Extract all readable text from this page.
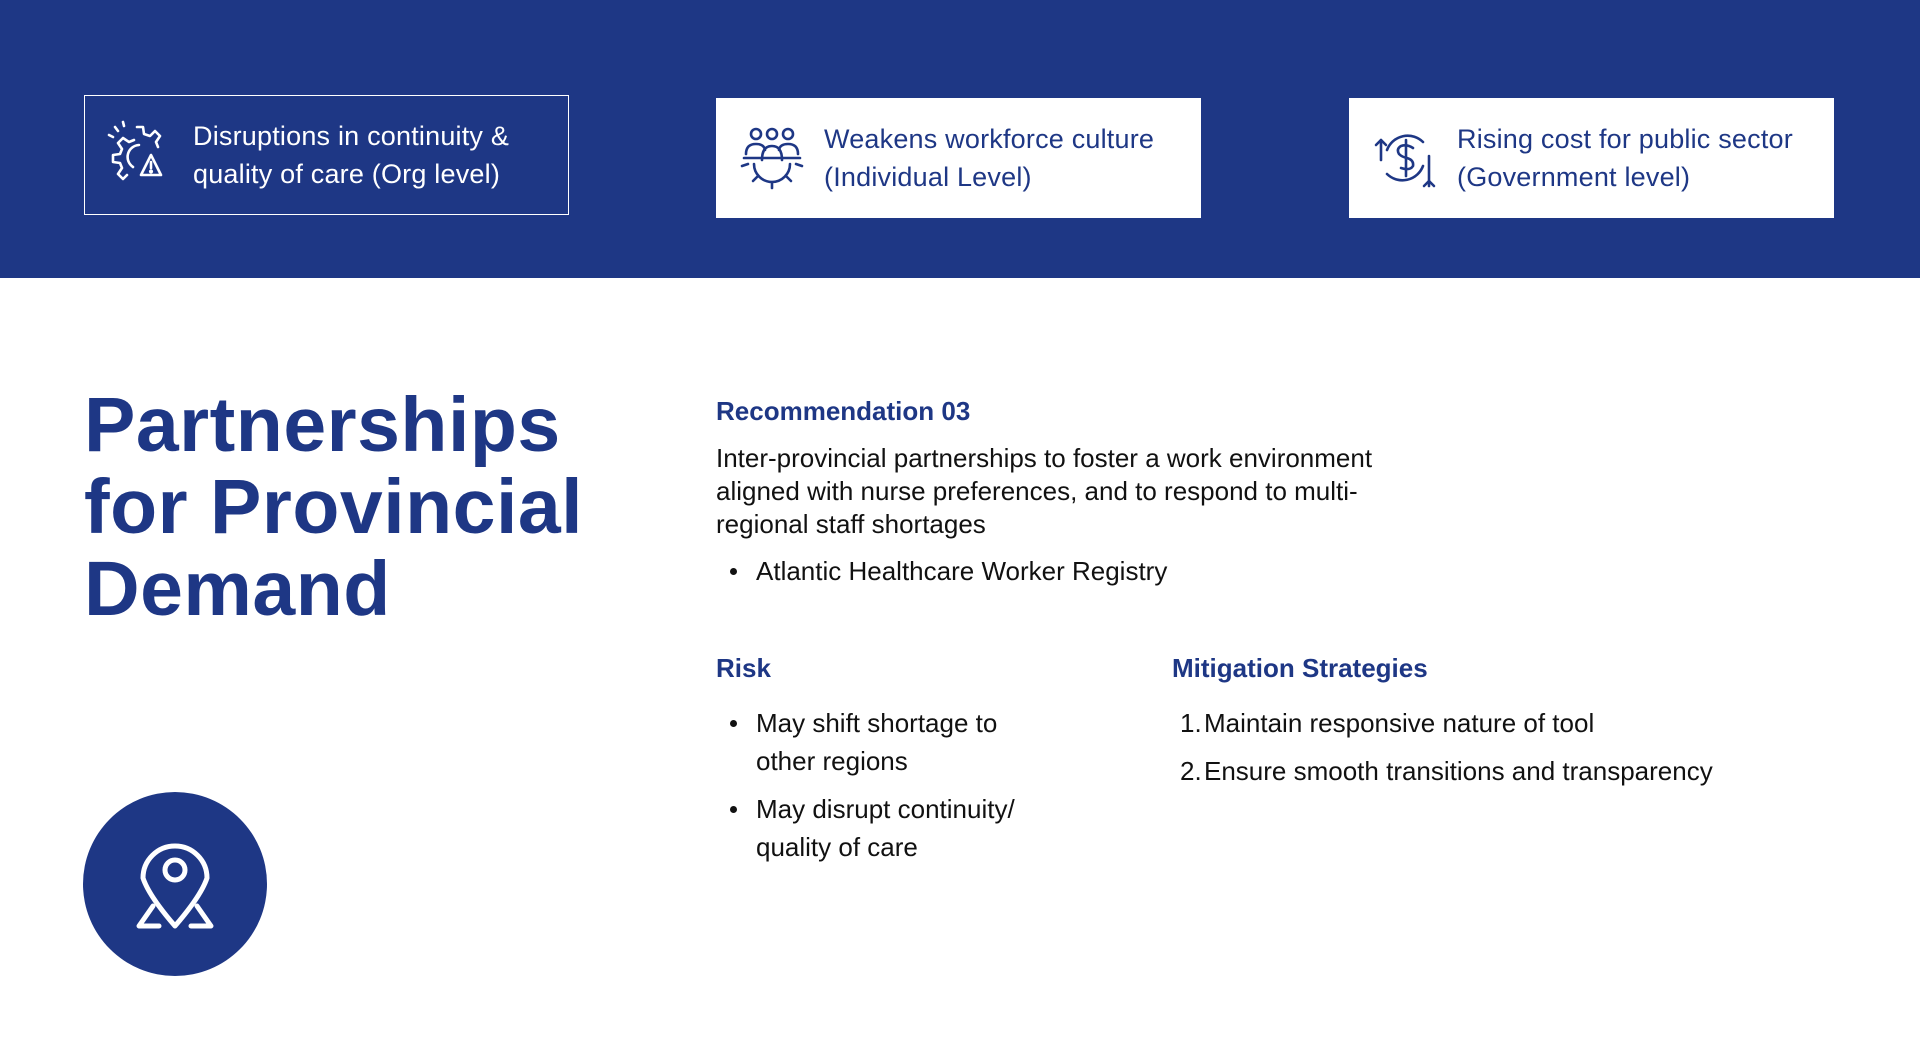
Disruptions in continuity &
quality of care (Org level)
Weakens workforce culture
(Individual Level)
Rising cost for public sector
(Government level)
Partnerships
for Provincial
Demand
Recommendation 03
Inter-provincial partnerships to foster a work environment
aligned with nurse preferences, and to respond to multi-
regional staff shortages
Atlantic Healthcare Worker Registry
Risk
May shift shortage to
other regions
May disrupt continuity/
quality of care
Mitigation Strategies
1. Maintain responsive nature of tool
2. Ensure smooth transitions and transparency
